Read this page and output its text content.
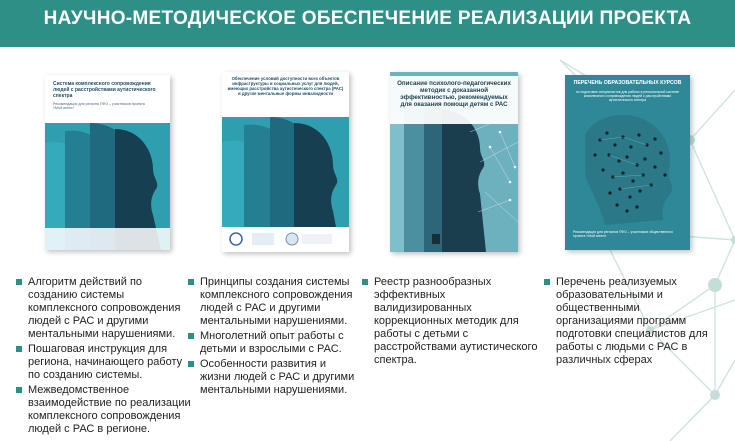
НАУЧНО-МЕТОДИЧЕСКОЕ ОБЕСПЕЧЕНИЕ РЕАЛИЗАЦИИ ПРОЕКТА
Система комплексного сопровождения людей с расстройствами аутистического спектра
Рекомендации для региона ПФО – участников проекта «Мой ангел»
Обеспечение условий доступности всех объектов инфраструктуры и социальных услуг для людей, имеющих расстройства аутистического спектра (РАС) и другие ментальные формы инвалидности
Описание психолого-педагогических методик с доказанной эффективностью, рекомендуемых для оказания помощи детям с РАС
ПЕРЕЧЕНЬ ОБРАЗОВАТЕЛЬНЫХ КУРСОВ
по подготовке специалистов для работы в региональной системе комплексного сопровождения людей с расстройствами аутистического спектра
Рекомендации для регионов ПФО – участников общественного проекта «Мой ангел»
Алгоритм действий по созданию системы комплексного сопровождения людей с РАС и другими ментальными нарушениями.
Пошаговая инструкция для региона, начинающего работу по созданию системы.
Межведомственное взаимодействие по реализации комплексного сопровождения людей с РАС в регионе.
Принципы создания системы комплексного сопровождения людей с РАС и другими ментальными нарушениями.
Многолетний опыт работы с детьми и взрослыми с РАС.
Особенности развития и жизни людей с РАС и другими ментальными нарушениями.
Реестр разнообразных эффективных валидизированных коррекционных методик для работы с детьми с расстройствами аутистического спектра.
Перечень реализуемых образовательными и общественными организациями программ подготовки специалистов для работы с людьми с РАС в различных сферах
